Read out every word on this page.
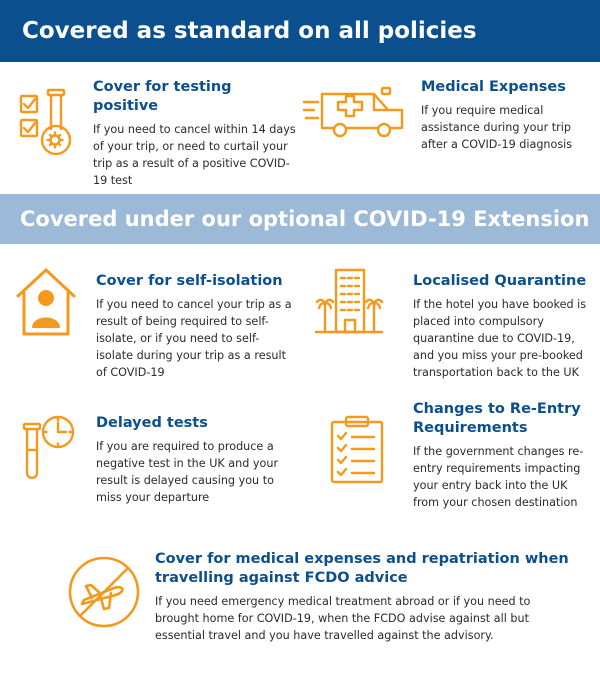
Covered as standard on all policies
Cover for testing positive
If you need to cancel within 14 days of your trip, or need to curtail your trip as a result of a positive COVID-19 test
Medical Expenses
If you require medical assistance during your trip after a COVID-19 diagnosis
Covered under our optional COVID-19 Extension
Cover for self-isolation
If you need to cancel your trip as a result of being required to self-isolate, or if you need to self-isolate during your trip as a result of COVID-19
Localised Quarantine
If the hotel you have booked is placed into compulsory quarantine due to COVID-19, and you miss your pre-booked transportation back to the UK
Delayed tests
If you are required to produce a negative test in the UK and your result is delayed causing you to miss your departure
Changes to Re-Entry Requirements
If the government changes re-entry requirements impacting your entry back into the UK from your chosen destination
Cover for medical expenses and repatriation when travelling against FCDO advice
If you need emergency medical treatment abroad or if you need to brought home for COVID-19, when the FCDO advise against all but essential travel and you have travelled against the advisory.
